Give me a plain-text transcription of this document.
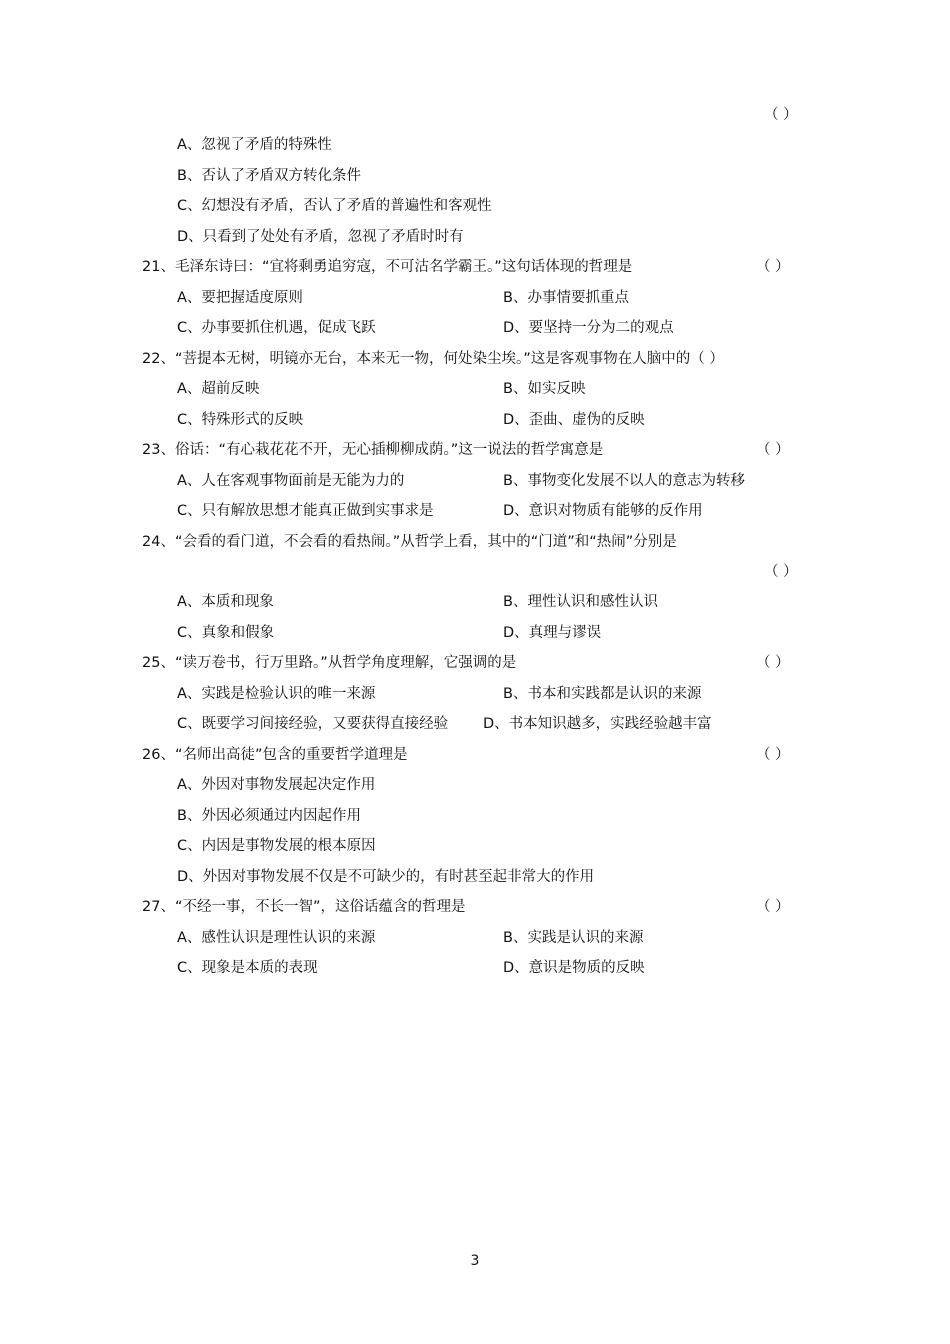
（ ）
A、忽视了矛盾的特殊性
B、否认了矛盾双方转化条件
C、幻想没有矛盾，否认了矛盾的普遍性和客观性
D、只看到了处处有矛盾，忽视了矛盾时时有
21、毛泽东诗曰：“宜将剩勇追穷寇，不可沽名学霸王。”这句话体现的哲理是	（ ）
A、要把握适度原则	B、办事情要抓重点
C、办事要抓住机遇，促成飞跃	D、要坚持一分为二的观点
22、“菩提本无树，明镜亦无台，本来无一物，何处染尘埃。”这是客观事物在人脑中的（ ）
A、超前反映	B、如实反映
C、特殊形式的反映	D、歪曲、虚伪的反映
23、俗话：“有心栽花花不开，无心插柳柳成荫。”这一说法的哲学寓意是	（ ）
A、人在客观事物面前是无能为力的	B、事物变化发展不以人的意志为转移
C、只有解放思想才能真正做到实事求是	D、意识对物质有能够的反作用
24、“会看的看门道，不会看的看热闹。”从哲学上看，其中的“门道”和“热闹”分别是
（ ）
A、本质和现象	B、理性认识和感性认识
C、真象和假象	D、真理与谬误
25、“读万卷书，行万里路。”从哲学角度理解，它强调的是	（ ）
A、实践是检验认识的唯一来源	B、书本和实践都是认识的来源
C、既要学习间接经验，又要获得直接经验 D、书本知识越多，实践经验越丰富
26、“名师出高徒”包含的重要哲学道理是	（ ）
A、外因对事物发展起决定作用
B、外因必须通过内因起作用
C、内因是事物发展的根本原因
D、外因对事物发展不仅是不可缺少的，有时甚至起非常大的作用
27、“不经一事，不长一智”，这俗话蕴含的哲理是	（ ）
A、感性认识是理性认识的来源	B、实践是认识的来源
C、现象是本质的表现	D、意识是物质的反映
3
